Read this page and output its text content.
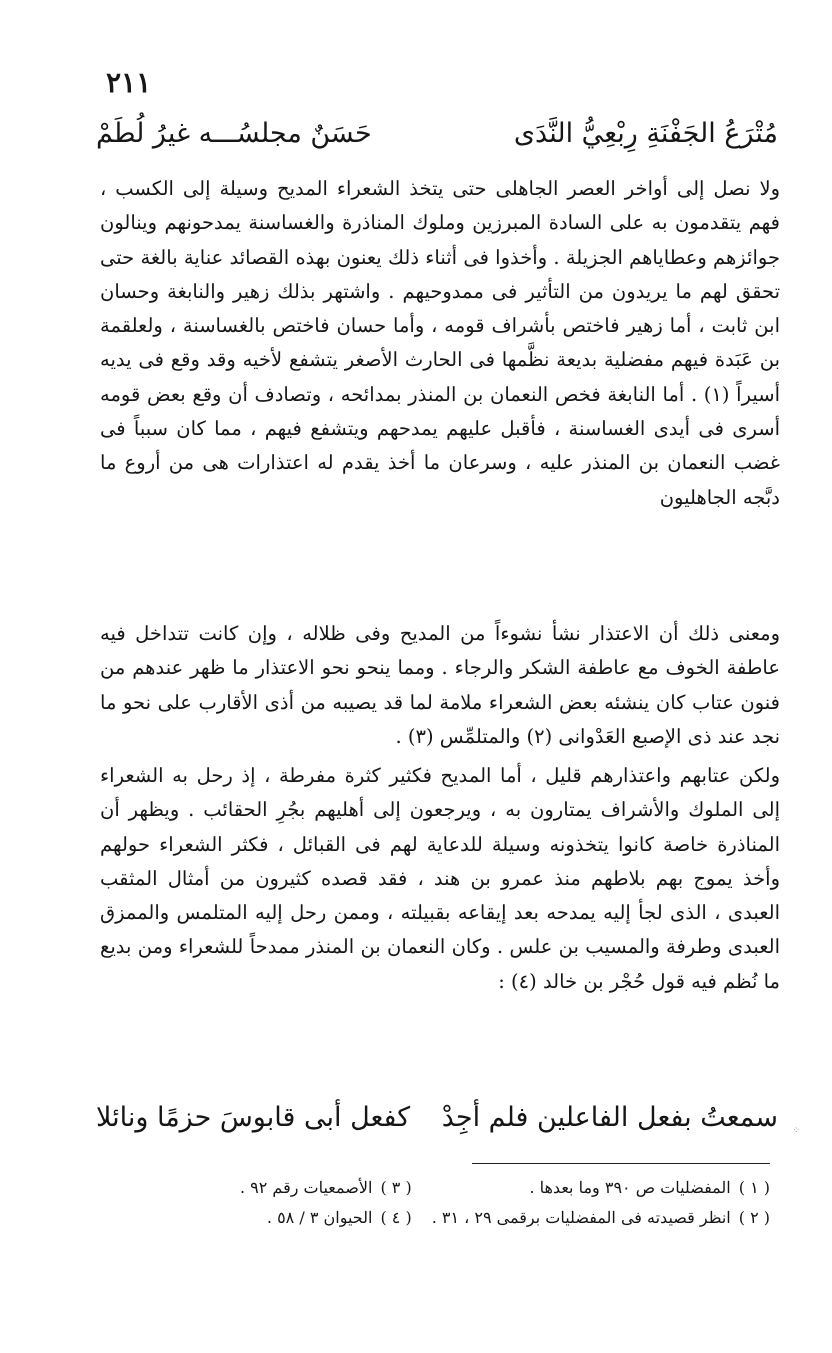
٢١١
مُتْرَعُ الجَفْنَةِ رِبْعِيُّ النَّدَى
حَسَنٌ مجلسُـــه غيرُ لُطَمْ

ولا نصل إلى أواخر العصر الجاهلى حتى يتخذ الشعراء المديح وسيلة إلى الكسب ، فهم يتقدمون به على السادة المبرزين وملوك المناذرة والغساسنة يمدحونهم وينالون جوائزهم وعطاياهم الجزيلة . وأخذوا فى أثناء ذلك يعنون بهذه القصائد عناية بالغة حتى تحقق لهم ما يريدون من التأثير فى ممدوحيهم . واشتهر بذلك زهير والنابغة وحسان ابن ثابت ، أما زهير فاختص بأشراف قومه ، وأما حسان فاختص بالغساسنة ، ولعلقمة بن عَبَدة فيهم مفضلية بديعة نظَّمها فى الحارث الأصغر يتشفع لأخيه وقد وقع فى يديه أسيراً (١) . أما النابغة فخص النعمان بن المنذر بمدائحه ، وتصادف أن وقع بعض قومه أسرى فى أيدى الغساسنة ، فأقبل عليهم يمدحهم ويتشفع فيهم ، مما كان سبباً فى غضب النعمان بن المنذر عليه ، وسرعان ما أخذ يقدم له اعتذارات هى من أروع ما دبَّجه الجاهليون

ومعنى ذلك أن الاعتذار نشأ نشوءاً من المديح وفى ظلاله ، وإن كانت تتداخل فيه عاطفة الخوف مع عاطفة الشكر والرجاء . ومما ينحو نحو الاعتذار ما ظهر عندهم من فنون عتاب كان ينشئه بعض الشعراء ملامة لما قد يصيبه من أذى الأقارب على نحو ما نجد عند ذى الإصبع العَدْوانى (٢) والمتلمِّس (٣) .

ولكن عتابهم واعتذارهم قليل ، أما المديح فكثير كثرة مفرطة ، إذ رحل به الشعراء إلى الملوك والأشراف يمتارون به ، ويرجعون إلى أهليهم بجُرِ الحقائب . ويظهر أن المناذرة خاصة كانوا يتخذونه وسيلة للدعاية لهم فى القبائل ، فكثر الشعراء حولهم وأخذ يموج بهم بلاطهم منذ عمرو بن هند ، فقد قصده كثيرون من أمثال المثقب العبدى ، الذى لجأ إليه يمدحه بعد إيقاعه بقبيلته ، وممن رحل إليه المتلمس والممزق العبدى وطرفة والمسيب بن علس . وكان النعمان بن المنذر ممدحاً للشعراء ومن بديع ما نُظم فيه قول حُجْر بن خالد (٤) :

سمعتُ بفعل الفاعلين فلم أجِدْ
كفعل أبى قابوسَ حزمًا ونائلا	⁘
( ١ )
المفضليات ص ٣٩٠ وما بعدها .
( ٣ )
الأصمعيات رقم ٩٢ .
( ٢ )
انظر قصيدته فى المفضليات برقمى ٢٩ ، ٣١ .
( ٤ )
الحيوان ٣ / ٥٨ .
